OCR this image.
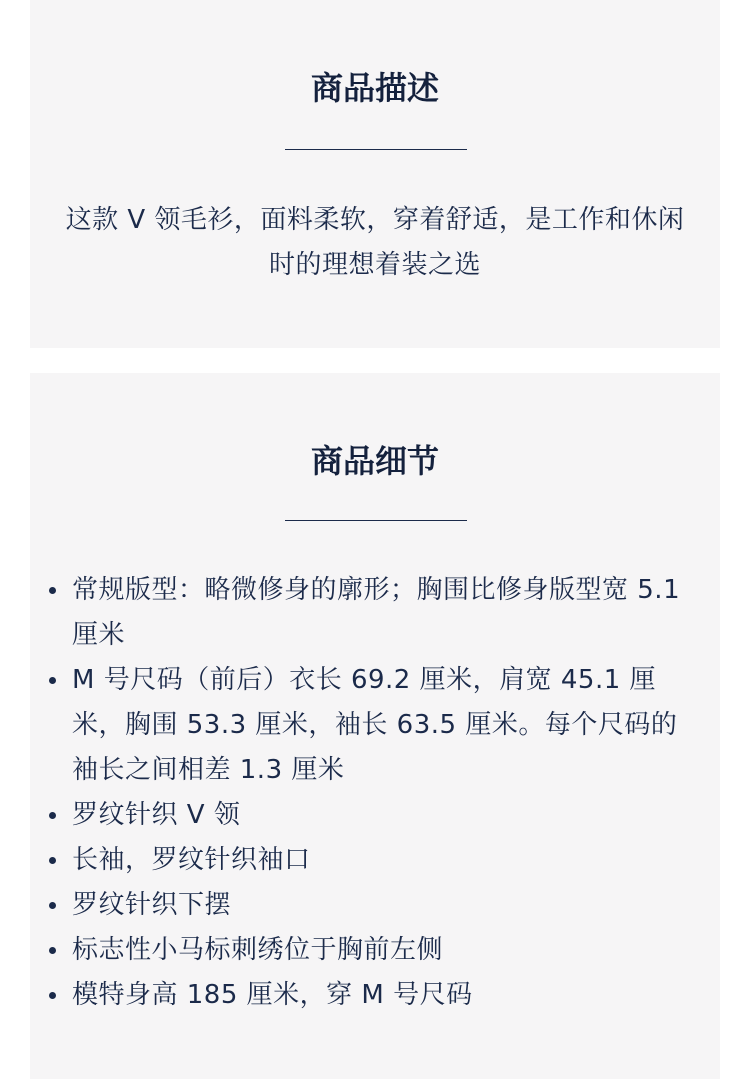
商品描述

这款 V 领毛衫，面料柔软，穿着舒适，是工作和休闲时的理想着装之选

商品细节
常规版型：略微修身的廓形；胸围比修身版型宽 5.1 厘米
M 号尺码（前后）衣长 69.2 厘米，肩宽 45.1 厘米，胸围 53.3 厘米，袖长 63.5 厘米。每个尺码的袖长之间相差 1.3 厘米
罗纹针织 V 领
长袖，罗纹针织袖口
罗纹针织下摆
标志性小马标刺绣位于胸前左侧
模特身高 185 厘米，穿 M 号尺码
